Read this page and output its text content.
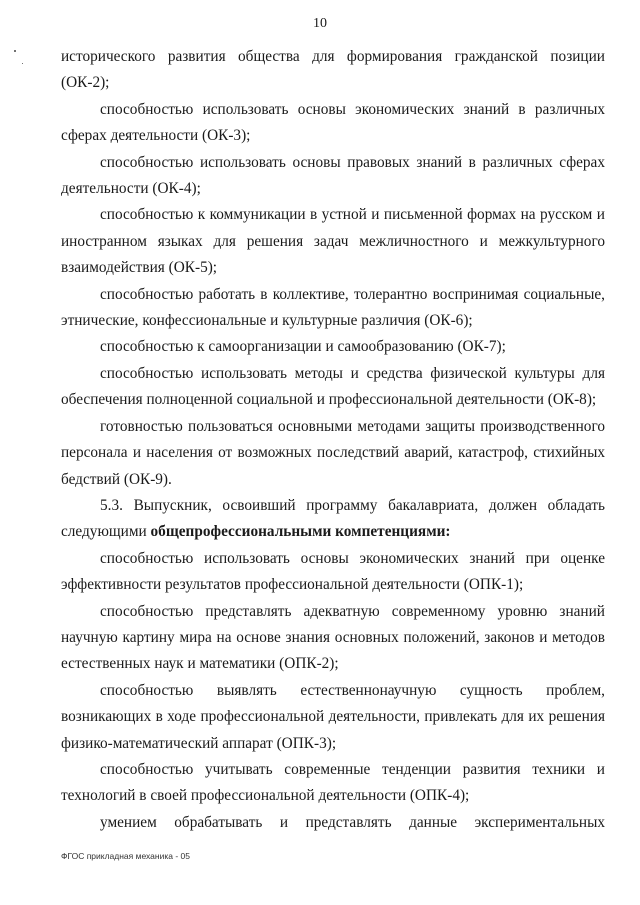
10

исторического развития общества для формирования гражданской позиции (ОК-2);

способностью использовать основы экономических знаний в различных сферах деятельности (ОК-3);

способностью использовать основы правовых знаний в различных сферах деятельности (ОК-4);

способностью к коммуникации в устной и письменной формах на русском и иностранном языках для решения задач межличностного и межкультурного взаимодействия (ОК-5);

способностью работать в коллективе, толерантно воспринимая социальные, этнические, конфессиональные и культурные различия (ОК-6);

способностью к самоорганизации и самообразованию (ОК-7);

способностью использовать методы и средства физической культуры для обеспечения полноценной социальной и профессиональной деятельности (ОК-8);

готовностью пользоваться основными методами защиты производственного персонала и населения от возможных последствий аварий, катастроф, стихийных бедствий (ОК-9).

5.3. Выпускник, освоивший программу бакалавриата, должен обладать следующими общепрофессиональными компетенциями:

способностью использовать основы экономических знаний при оценке эффективности результатов профессиональной деятельности (ОПК-1);

способностью представлять адекватную современному уровню знаний научную картину мира на основе знания основных положений, законов и методов естественных наук и математики (ОПК-2);

способностью выявлять естественнонаучную сущность проблем, возникающих в ходе профессиональной деятельности, привлекать для их решения физико-математический аппарат (ОПК-3);

способностью учитывать современные тенденции развития техники и технологий в своей профессиональной деятельности (ОПК-4);

умением обрабатывать и представлять данные экспериментальных

ФГОС прикладная механика - 05
